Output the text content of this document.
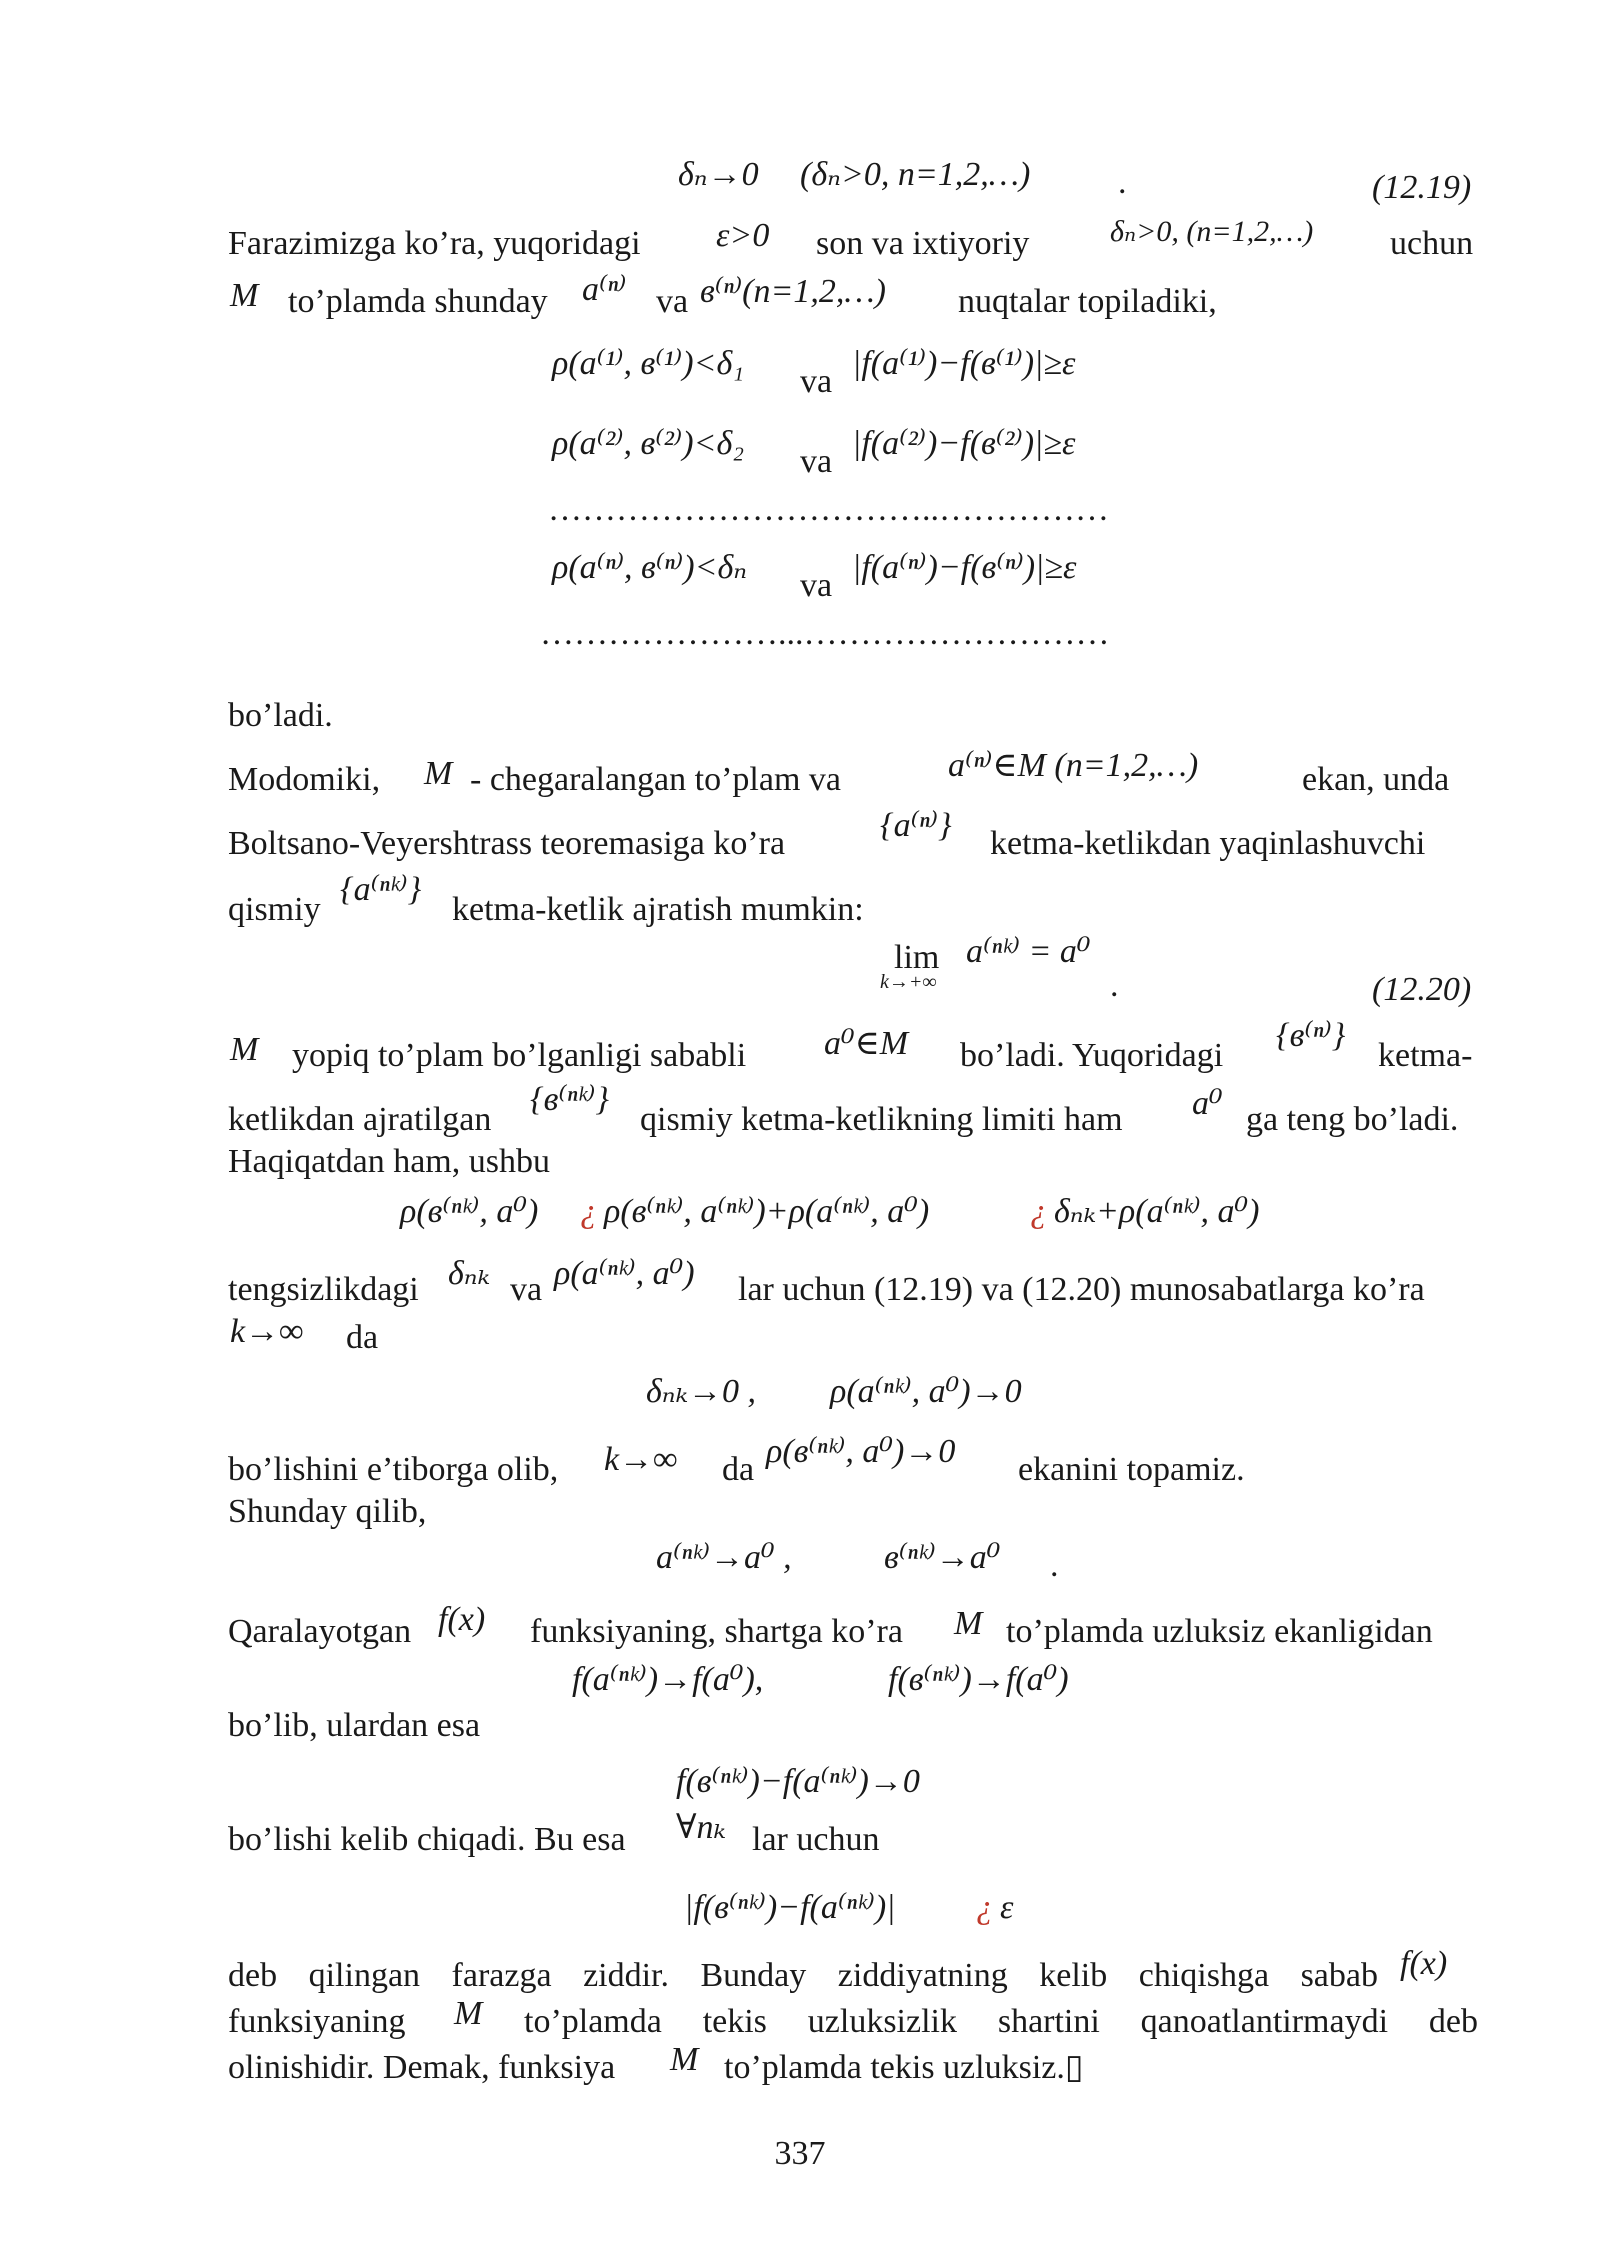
δₙ→0 (δₙ>0, n=1,2,…)	.	(12.19)
Farazimizga ko’ra, yuqoridagi ε>0 son va ixtiyoriy	δₙ>0, (n=1,2,…) uchun
M to’plamda shunday a⁽ⁿ⁾ va в⁽ⁿ⁾(n=1,2,…) nuqtalar topiladiki,
ρ(a⁽¹⁾, в⁽¹⁾)<δ₁ va |f(a⁽¹⁾)−f(в⁽¹⁾)|≥ε
ρ(a⁽²⁾, в⁽²⁾)<δ₂ va |f(a⁽²⁾)−f(в⁽²⁾)|≥ε
……………………………..……………
ρ(a⁽ⁿ⁾, в⁽ⁿ⁾)<δₙ va |f(a⁽ⁿ⁾)−f(в⁽ⁿ⁾)|≥ε
…………………...………………………
bo’ladi.
Modomiki, M - chegaralangan to’plam va	a⁽ⁿ⁾∈M (n=1,2,…)	ekan, unda
Boltsano-Veyershtrass teoremasiga ko’ra	{a⁽ⁿ⁾} ketma-ketlikdan yaqinlashuvchi
qismiy
{a⁽ⁿᵏ⁾}
ketma-ketlik ajratish mumkin:
lim
k→+∞
a⁽ⁿᵏ⁾ = a⁰
.	(12.20)
M yopiq to’plam bo’lganligi sababli a⁰∈M bo’ladi. Yuqoridagi
{в⁽ⁿ⁾}
ketma-
ketlikdan ajratilgan
{в⁽ⁿᵏ⁾}
qismiy ketma-ketlikning limiti ham a⁰ ga teng bo’ladi.
Haqiqatdan ham, ushbu
ρ(в⁽ⁿᵏ⁾, a⁰) ¿ ρ(в⁽ⁿᵏ⁾, a⁽ⁿᵏ⁾)+ρ(a⁽ⁿᵏ⁾, a⁰)	¿ δₙₖ+ρ(a⁽ⁿᵏ⁾, a⁰)
tengsizlikdagi δₙₖ va ρ(a⁽ⁿᵏ⁾, a⁰) lar uchun (12.19) va (12.20) munosabatlarga ko’ra
k→∞ da
δₙₖ→0 , ρ(a⁽ⁿᵏ⁾, a⁰)→0
bo’lishini e’tiborga olib, k→∞ da ρ(в⁽ⁿᵏ⁾, a⁰)→0 ekanini topamiz.
Shunday qilib,
a⁽ⁿᵏ⁾→a⁰ ,	в⁽ⁿᵏ⁾→a⁰ .
Qaralayotgan f(x) funksiyaning, shartga ko’ra M to’plamda uzluksiz ekanligidan
f(a⁽ⁿᵏ⁾)→f(a⁰),	f(в⁽ⁿᵏ⁾)→f(a⁰)
bo’lib, ulardan esa
f(в⁽ⁿᵏ⁾)−f(a⁽ⁿᵏ⁾)→0
bo’lishi kelib chiqadi. Bu esa ∀nₖ lar uchun
|f(в⁽ⁿᵏ⁾)−f(a⁽ⁿᵏ⁾)| ¿ ε
deb qilingan farazga ziddir. Bunday ziddiyatning kelib chiqishga sabab f(x)
funksiyaning M to’plamda tekis uzluksizlik shartini qanoatlantirmaydi deb
olinishidir. Demak, funksiya M to’plamda tekis uzluksiz.▯
337
